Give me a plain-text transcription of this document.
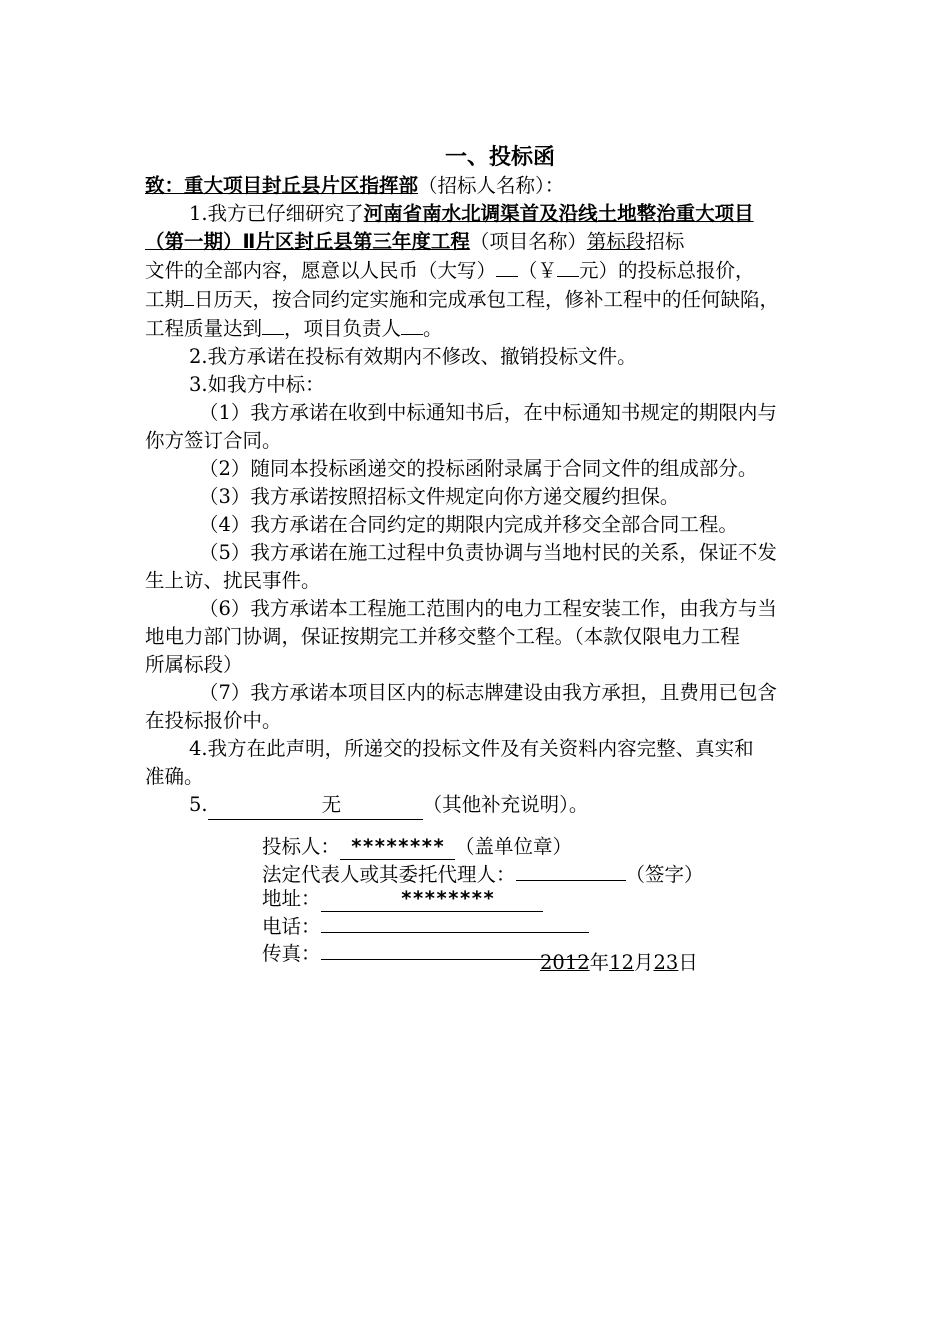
一、投标函
致：重大项目封丘县片区指挥部（招标人名称）：
1.我方已仔细研究了河南省南水北调渠首及沿线土地整治重大项目
（第一期）Ⅱ片区封丘县第三年度工程（项目名称）第标段招标
文件的全部内容，愿意以人民币（大写） （￥ 元）的投标总报价，
工期 日历天，按合同约定实施和完成承包工程，修补工程中的任何缺陷，
工程质量达到 ，项目负责人 。
2.我方承诺在投标有效期内不修改、撤销投标文件。
3.如我方中标：
（1）我方承诺在收到中标通知书后，在中标通知书规定的期限内与
你方签订合同。
（2）随同本投标函递交的投标函附录属于合同文件的组成部分。
（3）我方承诺按照招标文件规定向你方递交履约担保。
（4）我方承诺在合同约定的期限内完成并移交全部合同工程。
（5）我方承诺在施工过程中负责协调与当地村民的关系，保证不发
生上访、扰民事件。
（6）我方承诺本工程施工范围内的电力工程安装工作，由我方与当
地电力部门协调，保证按期完工并移交整个工程。（本款仅限电力工程
所属标段）
（7）我方承诺本项目区内的标志牌建设由我方承担，且费用已包含
在投标报价中。
4.我方在此声明，所递交的投标文件及有关资料内容完整、真实和
准确。
5.	无	（其他补充说明）。
投标人： ******** （盖单位章）
法定代表人或其委托代理人：	（签字）
地址：	********
电话：
传真：	2012年12月23日
